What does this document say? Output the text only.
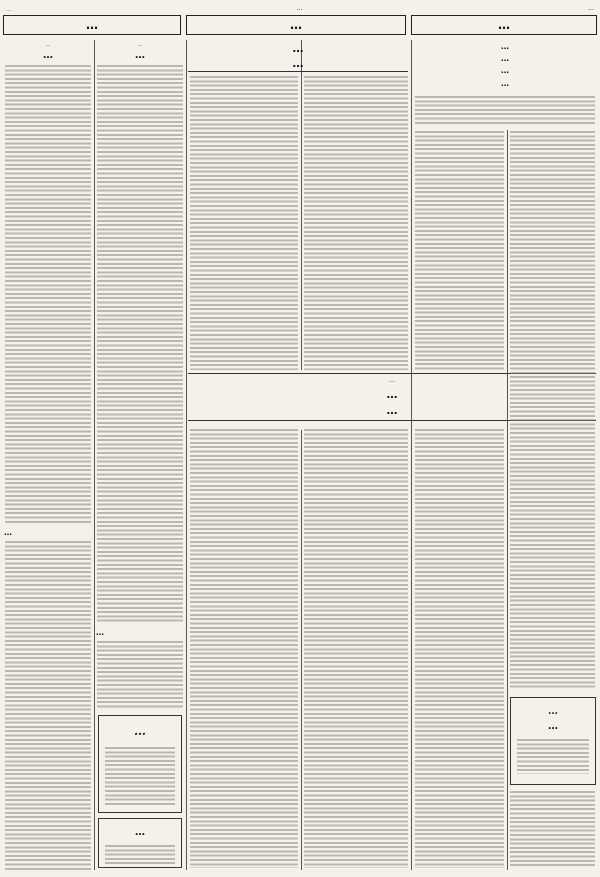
…	…	…
…	…	…
…
…
…
…
…
…
…
…
…
…
…
…
…
…
…
…
…
…
…
